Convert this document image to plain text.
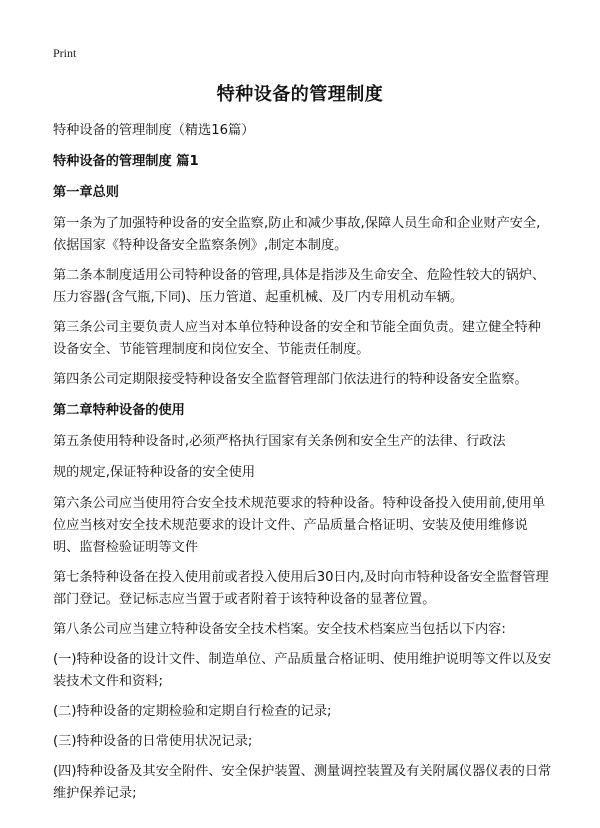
Print
特种设备的管理制度

特种设备的管理制度（精选16篇）

特种设备的管理制度 篇1

第一章总则

第一条为了加强特种设备的安全监察,防止和减少事故,保障人员生命和企业财产安全,依据国家《特种设备安全监察条例》,制定本制度。

第二条本制度适用公司特种设备的管理,具体是指涉及生命安全、危险性较大的锅炉、压力容器(含气瓶,下同)、压力管道、起重机械、及厂内专用机动车辆。

第三条公司主要负责人应当对本单位特种设备的安全和节能全面负责。建立健全特种设备安全、节能管理制度和岗位安全、节能责任制度。

第四条公司定期限接受特种设备安全监督管理部门依法进行的特种设备安全监察。

第二章特种设备的使用

第五条使用特种设备时,必须严格执行国家有关条例和安全生产的法律、行政法

规的规定,保证特种设备的安全使用

第六条公司应当使用符合安全技术规范要求的特种设备。特种设备投入使用前,使用单位应当核对安全技术规范要求的设计文件、产品质量合格证明、安装及使用维修说明、监督检验证明等文件

第七条特种设备在投入使用前或者投入使用后30日内,及时向市特种设备安全监督管理部门登记。登记标志应当置于或者附着于该特种设备的显著位置。

第八条公司应当建立特种设备安全技术档案。安全技术档案应当包括以下内容:

(一)特种设备的设计文件、制造单位、产品质量合格证明、使用维护说明等文件以及安装技术文件和资料;

(二)特种设备的定期检验和定期自行检查的记录;

(三)特种设备的日常使用状况记录;

(四)特种设备及其安全附件、安全保护装置、测量调控装置及有关附属仪器仪表的日常维护保养记录;
